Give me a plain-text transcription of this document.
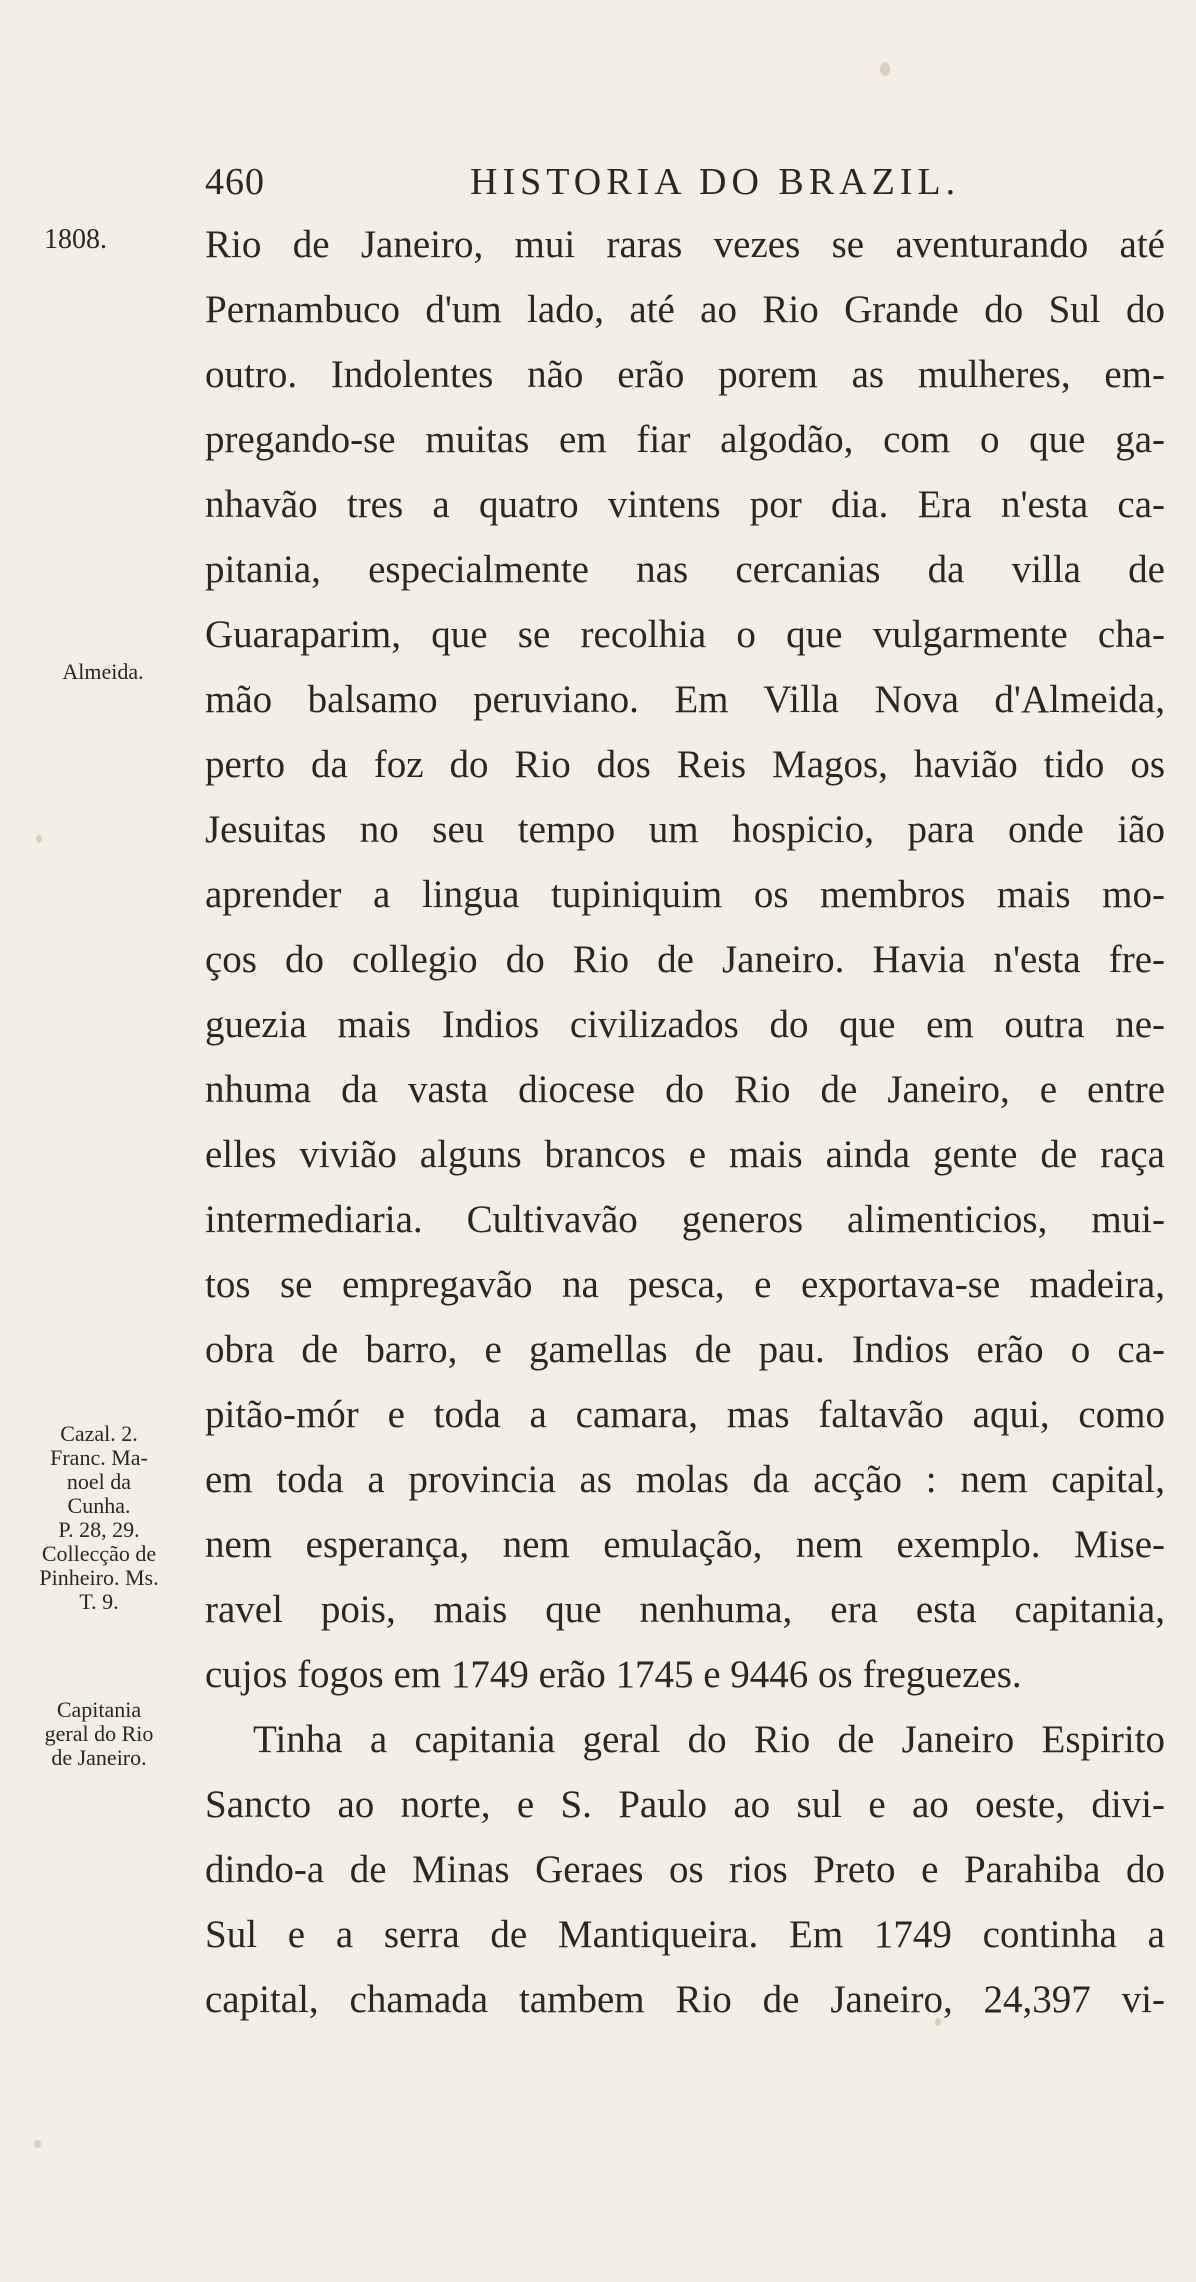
460	HISTORIA DO BRAZIL.
1808.
Almeida.
Cazal. 2.
Franc. Ma-
noel da
Cunha.
P. 28, 29.
Collecção de
Pinheiro. Ms.
T. 9.
Capitania
geral do Rio
de Janeiro.
Rio de Janeiro, mui raras vezes se aventurando até
Pernambuco d'um lado, até ao Rio Grande do Sul do
outro. Indolentes não erão porem as mulheres, em-
pregando-se muitas em fiar algodão, com o que ga-
nhavão tres a quatro vintens por dia. Era n'esta ca-
pitania, especialmente nas cercanias da villa de
Guaraparim, que se recolhia o que vulgarmente cha-
mão balsamo peruviano. Em Villa Nova d'Almeida,
perto da foz do Rio dos Reis Magos, havião tido os
Jesuitas no seu tempo um hospicio, para onde ião
aprender a lingua tupiniquim os membros mais mo-
ços do collegio do Rio de Janeiro. Havia n'esta fre-
guezia mais Indios civilizados do que em outra ne-
nhuma da vasta diocese do Rio de Janeiro, e entre
elles vivião alguns brancos e mais ainda gente de raça
intermediaria. Cultivavão generos alimenticios, mui-
tos se empregavão na pesca, e exportava-se madeira,
obra de barro, e gamellas de pau. Indios erão o ca-
pitão-mór e toda a camara, mas faltavão aqui, como
em toda a provincia as molas da acção : nem capital,
nem esperança, nem emulação, nem exemplo. Mise-
ravel pois, mais que nenhuma, era esta capitania,
cujos fogos em 1749 erão 1745 e 9446 os freguezes.
Tinha a capitania geral do Rio de Janeiro Espirito
Sancto ao norte, e S. Paulo ao sul e ao oeste, divi-
dindo-a de Minas Geraes os rios Preto e Parahiba do
Sul e a serra de Mantiqueira. Em 1749 continha a
capital, chamada tambem Rio de Janeiro, 24,397 vi-
